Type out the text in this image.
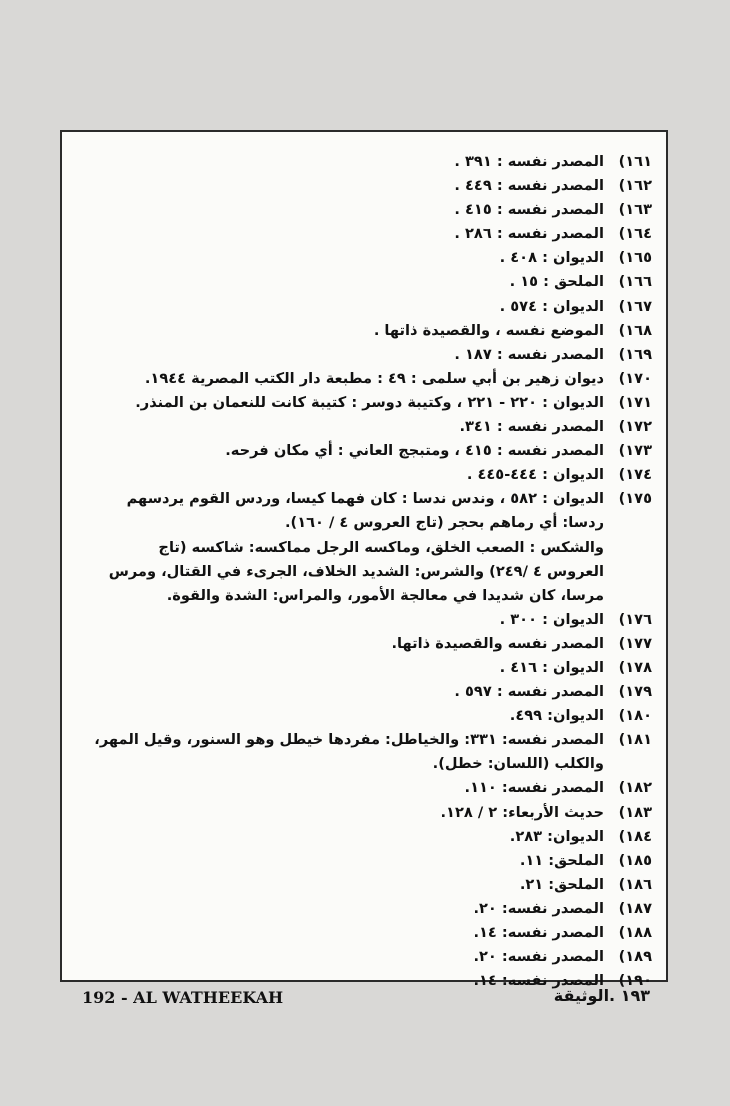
١٦١)
المصدر نفسه : ٣٩١ .
١٦٢)
المصدر نفسه : ٤٤٩ .
١٦٣)
المصدر نفسه : ٤١٥ .
١٦٤)
المصدر نفسه : ٢٨٦ .
١٦٥)
الديوان : ٤٠٨ .
١٦٦)
الملحق : ١٥ .
١٦٧)
الديوان : ٥٧٤ .
١٦٨)
الموضع نفسه ، والقصيدة ذاتها .
١٦٩)
المصدر نفسه : ١٨٧ .
١٧٠)
ديوان زهير بن أبي سلمى : ٤٩ : مطبعة دار الكتب المصرية ١٩٤٤.
١٧١)
الديوان : ٢٢٠ - ٢٢١ ، وكتيبة دوسر : كتيبة كانت للنعمان بن المنذر.
١٧٢)
المصدر نفسه : ٣٤١.
١٧٣)
المصدر نفسه : ٤١٥ ، ومتبجج العاني : أي مكان فرحه.
١٧٤)
الديوان : ٤٤٤-٤٤٥ .
١٧٥)
الديوان : ٥٨٢ ، وندس ندسا : كان فهما كيسا، وردس القوم يردسهم
ردسا: أي رماهم بحجر (تاج العروس ٤ / ١٦٠).
والشكس : الصعب الخلق، وماكسه الرجل مماكسه: شاكسه (تاج
العروس ٤ /٢٤٩) والشرس: الشديد الخلاف، الجرىء في القتال، ومرس
مرسا، كان شديدا في معالجة الأمور، والمراس: الشدة والقوة.
١٧٦)
الديوان : ٣٠٠ .
١٧٧)
المصدر نفسه والقصيدة ذاتها.
١٧٨)
الديوان : ٤١٦ .
١٧٩)
المصدر نفسه : ٥٩٧ .
١٨٠)
الديوان: ٤٩٩.
١٨١)
المصدر نفسه: ٣٣١: والخياطل: مفردها خيطل وهو السنور، وقيل المهر،
والكلب (اللسان: خطل).
١٨٢)
المصدر نفسه: ١١٠.
١٨٣)
حديث الأربعاء: ٢ / ١٢٨.
١٨٤)
الديوان: ٢٨٣.
١٨٥)
الملحق: ١١.
١٨٦)
الملحق: ٢١.
١٨٧)
المصدر نفسه: ٢٠.
١٨٨)
المصدر نفسه: ١٤.
١٨٩)
المصدر نفسه: ٢٠.
١٩٠)
المصدر نفسه: ١٤.
192 - AL WATHEEKAH	١٩٣ .الوثيقة
